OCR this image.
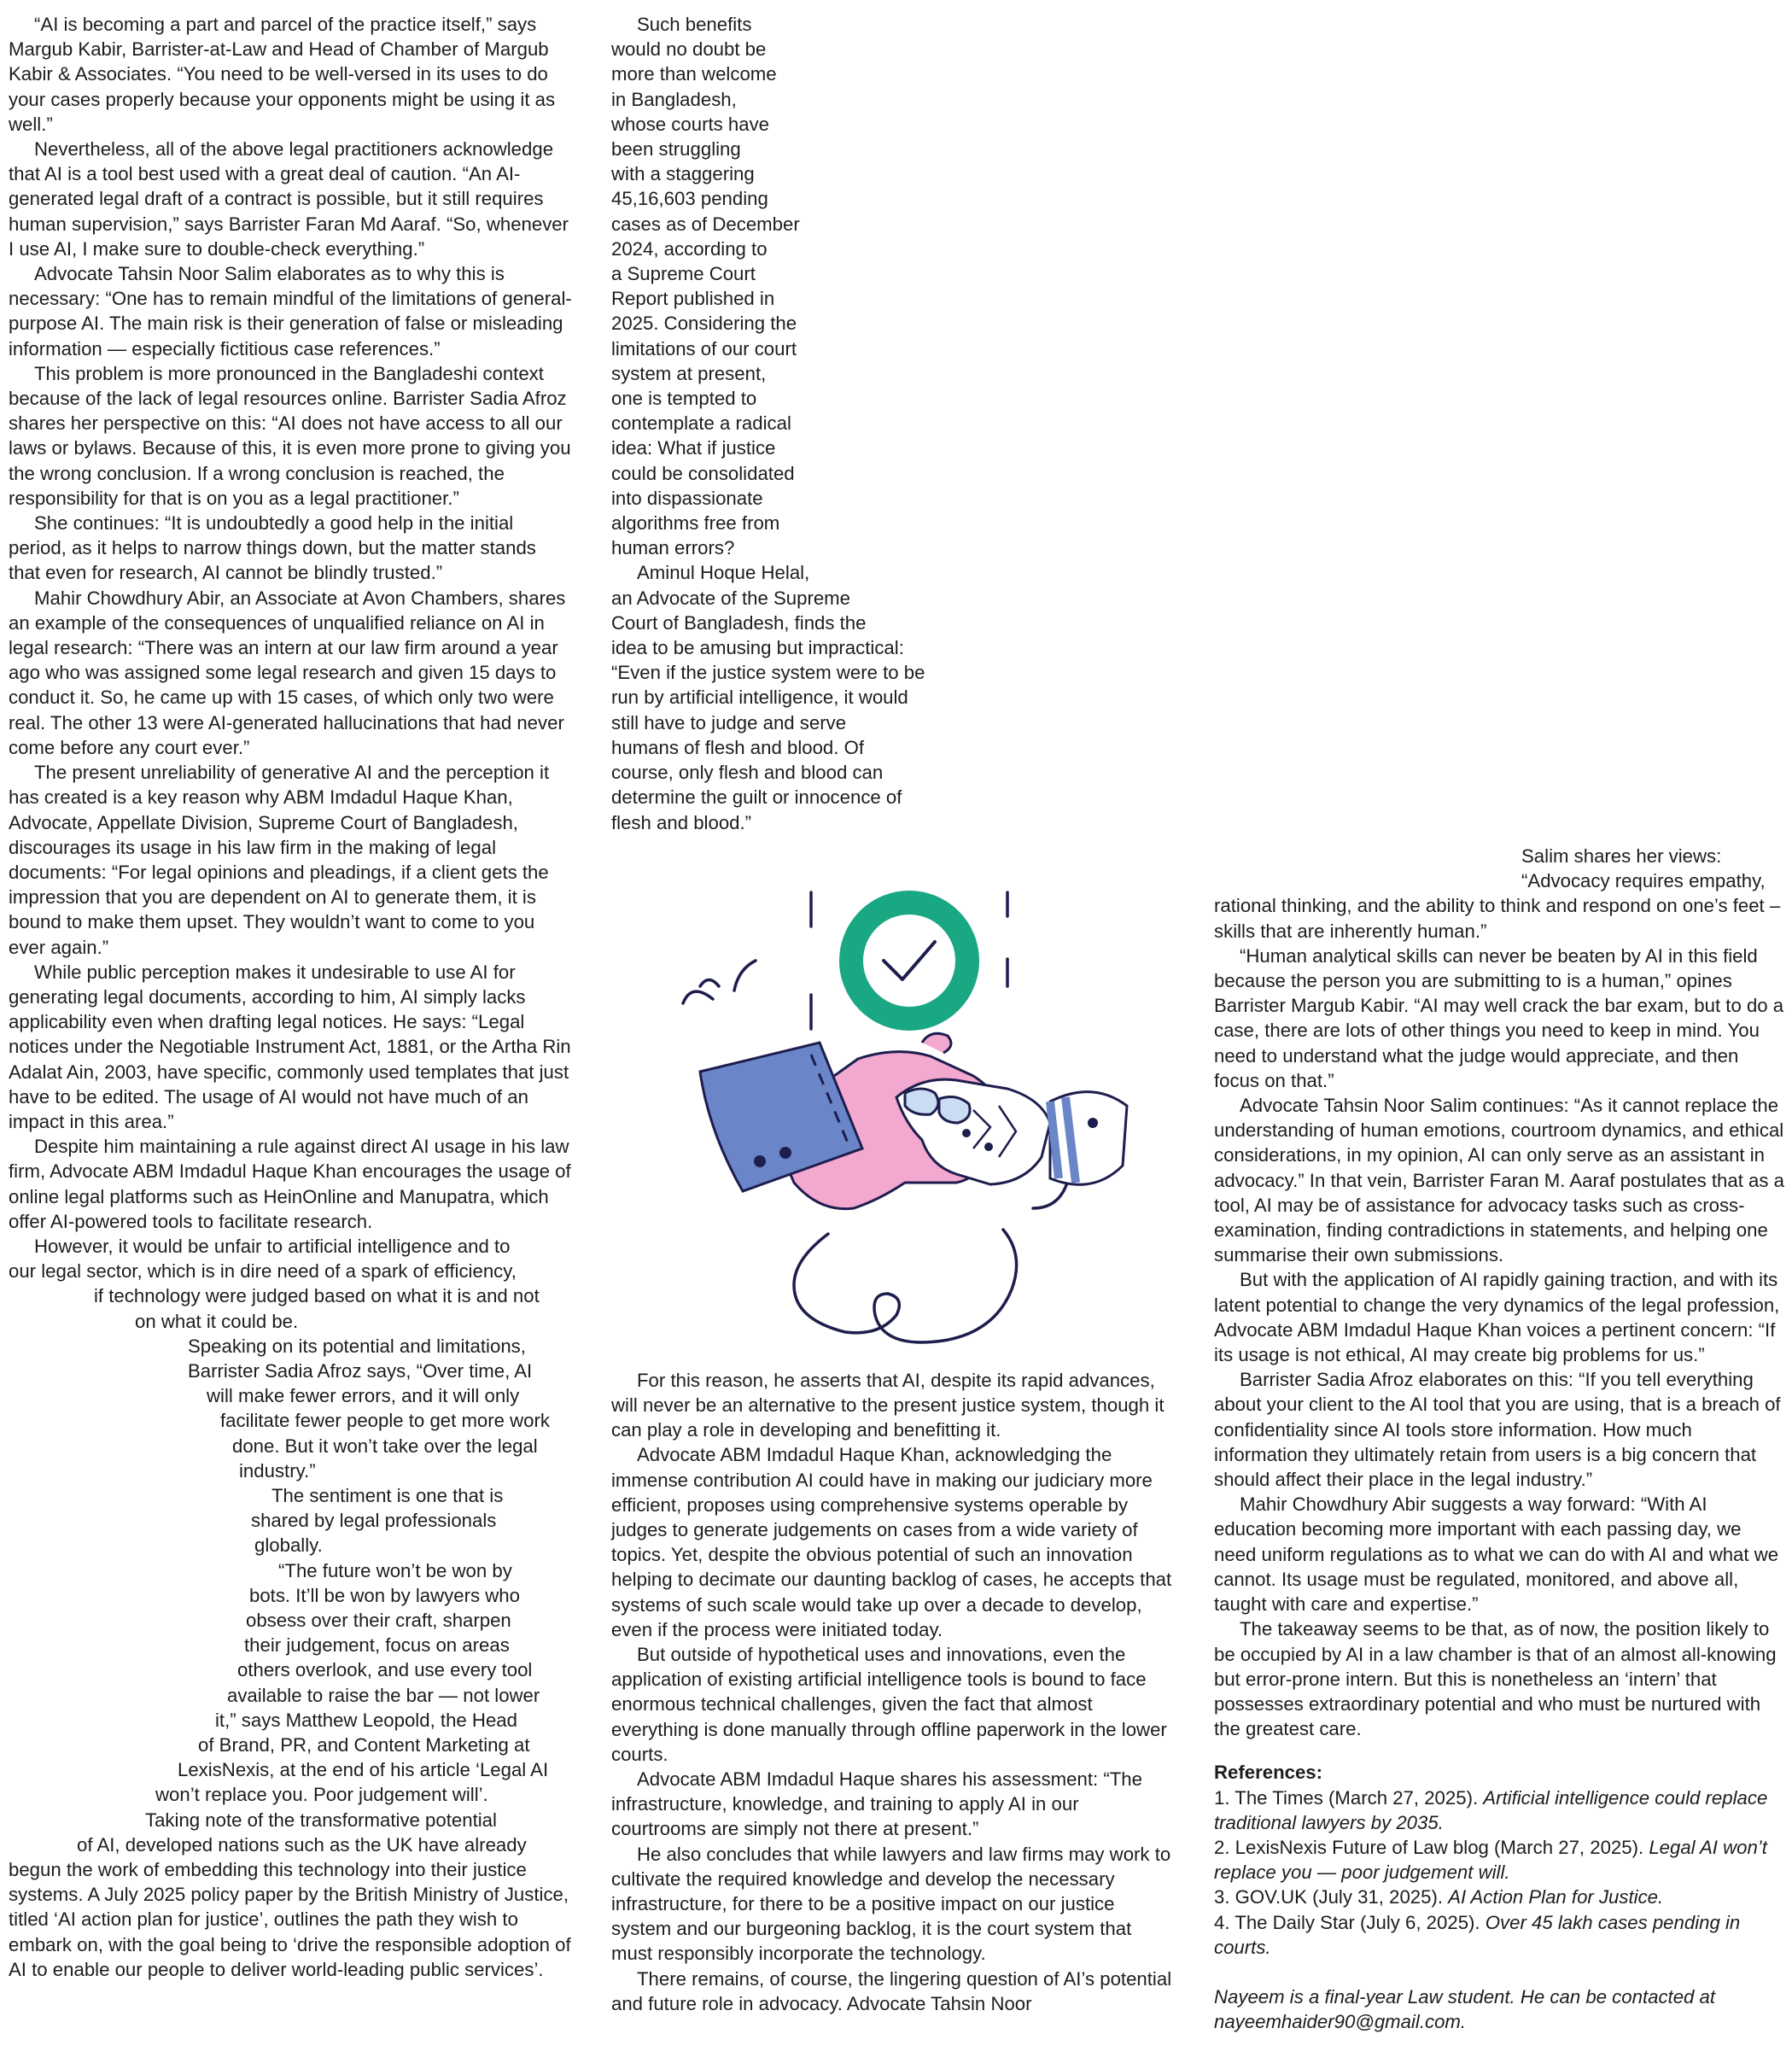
“AI is becoming a part and parcel of the practice itself,” says Margub Kabir, Barrister-at-Law and Head of Chamber of Margub Kabir & Associates. “You need to be well-versed in its uses to do your cases properly because your opponents might be using it as well.”

Nevertheless, all of the above legal practitioners acknowledge that AI is a tool best used with a great deal of caution. “An AI-generated legal draft of a contract is possible, but it still requires human supervision,” says Barrister Faran Md Aaraf. “So, whenever I use AI, I make sure to double-check everything.”

Advocate Tahsin Noor Salim elaborates as to why this is necessary: “One has to remain mindful of the limitations of general-purpose AI. The main risk is their generation of false or misleading information — especially fictitious case references.”

This problem is more pronounced in the Bangladeshi context because of the lack of legal resources online. Barrister Sadia Afroz shares her perspective on this: “AI does not have access to all our laws or bylaws. Because of this, it is even more prone to giving you the wrong conclusion. If a wrong conclusion is reached, the responsibility for that is on you as a legal practitioner.”

She continues: “It is undoubtedly a good help in the initial period, as it helps to narrow things down, but the matter stands that even for research, AI cannot be blindly trusted.”

Mahir Chowdhury Abir, an Associate at Avon Chambers, shares an example of the consequences of unqualified reliance on AI in legal research: “There was an intern at our law firm around a year ago who was assigned some legal research and given 15 days to conduct it. So, he came up with 15 cases, of which only two were real. The other 13 were AI-generated hallucinations that had never come before any court ever.”

The present unreliability of generative AI and the perception it has created is a key reason why ABM Imdadul Haque Khan, Advocate, Appellate Division, Supreme Court of Bangladesh, discourages its usage in his law firm in the making of legal documents: “For legal opinions and pleadings, if a client gets the impression that you are dependent on AI to generate them, it is bound to make them upset. They wouldn’t want to come to you ever again.”

While public perception makes it undesirable to use AI for generating legal documents, according to him, AI simply lacks applicability even when drafting legal notices. He says: “Legal notices under the Negotiable Instrument Act, 1881, or the Artha Rin Adalat Ain, 2003, have specific, commonly used templates that just have to be edited. The usage of AI would not have much of an impact in this area.”

Despite him maintaining a rule against direct AI usage in his law firm, Advocate ABM Imdadul Haque Khan encourages the usage of online legal platforms such as HeinOnline and Manupatra, which offer AI-powered tools to facilitate research.

However, it would be unfair to artificial intelligence and to
our legal sector, which is in dire need of a spark of efficiency,
if technology were judged based on what it is and not
on what it could be.
Speaking on its potential and limitations,
Barrister Sadia Afroz says, “Over time, AI
will make fewer errors, and it will only
facilitate fewer people to get more work
done. But it won’t take over the legal
industry.”
The sentiment is one that is
shared by legal professionals
globally.
“The future won’t be won by
bots. It’ll be won by lawyers who
obsess over their craft, sharpen
their judgement, focus on areas
others overlook, and use every tool
available to raise the bar — not lower
it,” says Matthew Leopold, the Head
of Brand, PR, and Content Marketing at
LexisNexis, at the end of his article ‘Legal AI
won’t replace you. Poor judgement will’.
Taking note of the transformative potential
of AI, developed nations such as the UK have already

begun the work of embedding this technology into their justice systems. A July 2025 policy paper by the British Ministry of Justice, titled ‘AI action plan for justice’, outlines the path they wish to embark on, with the goal being to ‘drive the responsible adoption of AI to enable our people to deliver world-leading public services’.

Such benefits
would no doubt be
more than welcome
in Bangladesh,
whose courts have
been struggling
with a staggering
45,16,603 pending
cases as of December
2024, according to
a Supreme Court
Report published in
2025. Considering the
limitations of our court
system at present,
one is tempted to
contemplate a radical
idea: What if justice
could be consolidated
into dispassionate
algorithms free from
human errors?
Aminul Hoque Helal,
an Advocate of the Supreme
Court of Bangladesh, finds the
idea to be amusing but impractical:
“Even if the justice system were to be
run by artificial intelligence, it would
still have to judge and serve
humans of flesh and blood. Of
course, only flesh and blood can
determine the guilt or innocence of
flesh and blood.”

For this reason, he asserts that AI, despite its rapid advances, will never be an alternative to the present justice system, though it can play a role in developing and benefitting it.

Advocate ABM Imdadul Haque Khan, acknowledging the immense contribution AI could have in making our judiciary more efficient, proposes using comprehensive systems operable by judges to generate judgements on cases from a wide variety of topics. Yet, despite the obvious potential of such an innovation helping to decimate our daunting backlog of cases, he accepts that systems of such scale would take up over a decade to develop, even if the process were initiated today.

But outside of hypothetical uses and innovations, even the application of existing artificial intelligence tools is bound to face enormous technical challenges, given the fact that almost everything is done manually through offline paperwork in the lower courts.

Advocate ABM Imdadul Haque shares his assessment: “The infrastructure, knowledge, and training to apply AI in our courtrooms are simply not there at present.”

He also concludes that while lawyers and law firms may work to cultivate the required knowledge and develop the necessary infrastructure, for there to be a positive impact on our justice system and our burgeoning backlog, it is the court system that must responsibly incorporate the technology.

There remains, of course, the lingering question of AI’s potential and future role in advocacy. Advocate Tahsin Noor

Salim shares her views:
“Advocacy requires empathy,

rational thinking, and the ability to think and respond on one’s feet – skills that are inherently human.”

“Human analytical skills can never be beaten by AI in this field because the person you are submitting to is a human,” opines Barrister Margub Kabir. “AI may well crack the bar exam, but to do a case, there are lots of other things you need to keep in mind. You need to understand what the judge would appreciate, and then focus on that.”

Advocate Tahsin Noor Salim continues: “As it cannot replace the understanding of human emotions, courtroom dynamics, and ethical considerations, in my opinion, AI can only serve as an assistant in advocacy.” In that vein, Barrister Faran M. Aaraf postulates that as a tool, AI may be of assistance for advocacy tasks such as cross-examination, finding contradictions in statements, and helping one summarise their own submissions.

But with the application of AI rapidly gaining traction, and with its latent potential to change the very dynamics of the legal profession, Advocate ABM Imdadul Haque Khan voices a pertinent concern: “If its usage is not ethical, AI may create big problems for us.”

Barrister Sadia Afroz elaborates on this: “If you tell everything about your client to the AI tool that you are using, that is a breach of confidentiality since AI tools store information. How much information they ultimately retain from users is a big concern that should affect their place in the legal industry.”

Mahir Chowdhury Abir suggests a way forward: “With AI education becoming more important with each passing day, we need uniform regulations as to what we can do with AI and what we cannot. Its usage must be regulated, monitored, and above all, taught with care and expertise.”

The takeaway seems to be that, as of now, the position likely to be occupied by AI in a law chamber is that of an almost all-knowing but error-prone intern. But this is nonetheless an ‘intern’ that possesses extraordinary potential and who must be nurtured with the greatest care.

References:

1. The Times (March 27, 2025). Artificial intelligence could replace traditional lawyers by 2035.

2. LexisNexis Future of Law blog (March 27, 2025). Legal AI won’t replace you — poor judgement will.

3. GOV.UK (July 31, 2025). AI Action Plan for Justice.

4. The Daily Star (July 6, 2025). Over 45 lakh cases pending in courts.

Nayeem is a final-year Law student. He can be contacted at nayeemhaider90@gmail.com.
